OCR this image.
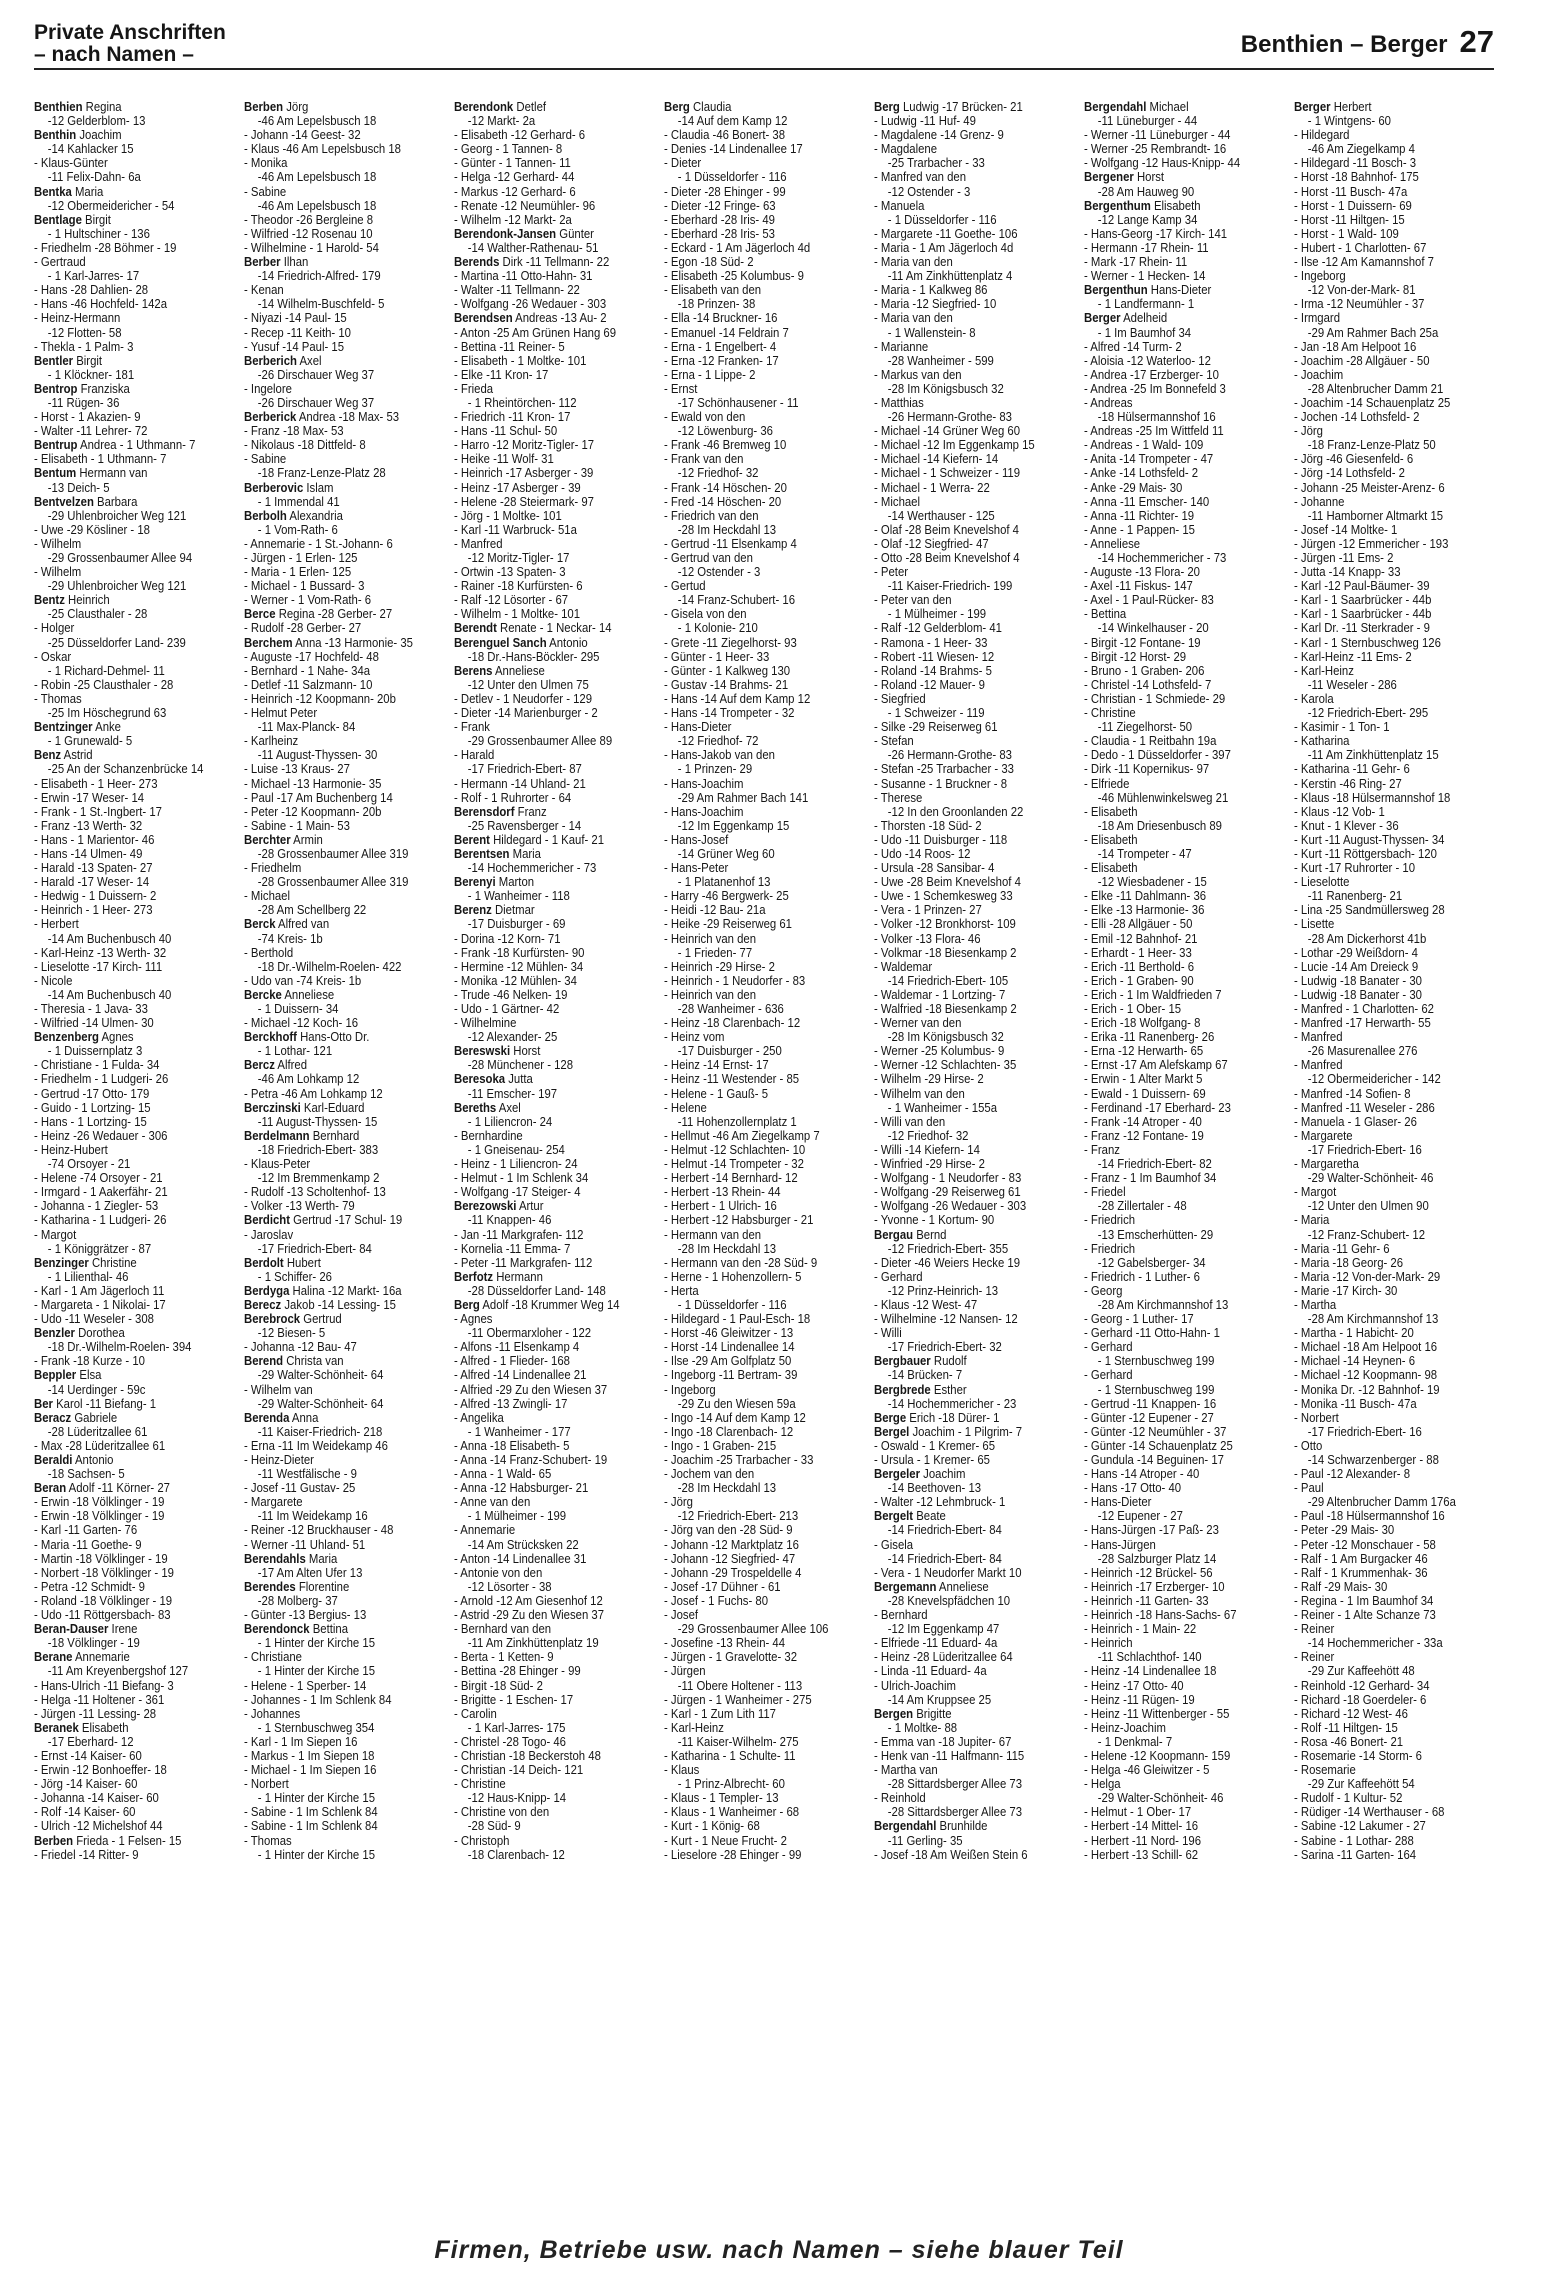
Private Anschriften
– nach Namen –	Benthien – Berger 27
Benthien Regina
-12 Gelderblom- 13
Benthin Joachim
-14 Kahlacker 15
- Klaus-Günter
-11 Felix-Dahn- 6a
Bentka Maria
-12 Obermeidericher - 54
Bentlage Birgit
- 1 Hultschiner - 136
- Friedhelm -28 Böhmer - 19
- Gertraud
- 1 Karl-Jarres- 17
- Hans -28 Dahlien- 28
- Hans -46 Hochfeld- 142a
- Heinz-Hermann
-12 Flotten- 58
- Thekla - 1 Palm- 3
Bentler Birgit
- 1 Klöckner- 181
Bentrop Franziska
-11 Rügen- 36
- Horst - 1 Akazien- 9
- Walter -11 Lehrer- 72
Bentrup Andrea - 1 Uthmann- 7
- Elisabeth - 1 Uthmann- 7
Bentum Hermann van
-13 Deich- 5
Bentvelzen Barbara
-29 Uhlenbroicher Weg 121
- Uwe -29 Kösliner - 18
- Wilhelm
-29 Grossenbaumer Allee 94
- Wilhelm
-29 Uhlenbroicher Weg 121
Bentz Heinrich
-25 Clausthaler - 28
- Holger
-25 Düsseldorfer Land- 239
- Oskar
- 1 Richard-Dehmel- 11
- Robin -25 Clausthaler - 28
- Thomas
-25 Im Höschegrund 63
Bentzinger Anke
- 1 Grunewald- 5
Benz Astrid
-25 An der Schanzenbrücke 14
- Elisabeth - 1 Heer- 273
- Erwin -17 Weser- 14
- Frank - 1 St.-Ingbert- 17
- Franz -13 Werth- 32
- Hans - 1 Marientor- 46
- Hans -14 Ulmen- 49
- Harald -13 Spaten- 27
- Harald -17 Weser- 14
- Hedwig - 1 Duissern- 2
- Heinrich - 1 Heer- 273
- Herbert
-14 Am Buchenbusch 40
- Karl-Heinz -13 Werth- 32
- Lieselotte -17 Kirch- 111
- Nicole
-14 Am Buchenbusch 40
- Theresia - 1 Java- 33
- Wilfried -14 Ulmen- 30
Benzenberg Agnes
- 1 Duissernplatz 3
- Christiane - 1 Fulda- 34
- Friedhelm - 1 Ludgeri- 26
- Gertrud -17 Otto- 179
- Guido - 1 Lortzing- 15
- Hans - 1 Lortzing- 15
- Heinz -26 Wedauer - 306
- Heinz-Hubert
-74 Orsoyer - 21
- Helene -74 Orsoyer - 21
- Irmgard - 1 Aakerfähr- 21
- Johanna - 1 Ziegler- 53
- Katharina - 1 Ludgeri- 26
- Margot
- 1 Königgrätzer - 87
Benzinger Christine
- 1 Lilienthal- 46
- Karl - 1 Am Jägerloch 11
- Margareta - 1 Nikolai- 17
- Udo -11 Weseler - 308
Benzler Dorothea
-18 Dr.-Wilhelm-Roelen- 394
- Frank -18 Kurze - 10
Beppler Elsa
-14 Uerdinger - 59c
Ber Karol -11 Biefang- 1
Beracz Gabriele
-28 Lüderitzallee 61
- Max -28 Lüderitzallee 61
Beraldi Antonio
-18 Sachsen- 5
Beran Adolf -11 Körner- 27
- Erwin -18 Völklinger - 19
- Erwin -18 Völklinger - 19
- Karl -11 Garten- 76
- Maria -11 Goethe- 9
- Martin -18 Völklinger - 19
- Norbert -18 Völklinger - 19
- Petra -12 Schmidt- 9
- Roland -18 Völklinger - 19
- Udo -11 Röttgersbach- 83
Beran-Dauser Irene
-18 Völklinger - 19
Berane Annemarie
-11 Am Kreyenbergshof 127
- Hans-Ulrich -11 Biefang- 3
- Helga -11 Holtener - 361
- Jürgen -11 Lessing- 28
Beranek Elisabeth
-17 Eberhard- 12
- Ernst -14 Kaiser- 60
- Erwin -12 Bonhoeffer- 18
- Jörg -14 Kaiser- 60
- Johanna -14 Kaiser- 60
- Rolf -14 Kaiser- 60
- Ulrich -12 Michelshof 44
Berben Frieda - 1 Felsen- 15
- Friedel -14 Ritter- 9
Berben Jörg
-46 Am Lepelsbusch 18
- Johann -14 Geest- 32
- Klaus -46 Am Lepelsbusch 18
- Monika
-46 Am Lepelsbusch 18
- Sabine
-46 Am Lepelsbusch 18
- Theodor -26 Bergleine 8
- Wilfried -12 Rosenau 10
- Wilhelmine - 1 Harold- 54
Berber Ilhan
-14 Friedrich-Alfred- 179
- Kenan
-14 Wilhelm-Buschfeld- 5
- Niyazi -14 Paul- 15
- Recep -11 Keith- 10
- Yusuf -14 Paul- 15
Berberich Axel
-26 Dirschauer Weg 37
- Ingelore
-26 Dirschauer Weg 37
Berberick Andrea -18 Max- 53
- Franz -18 Max- 53
- Nikolaus -18 Dittfeld- 8
- Sabine
-18 Franz-Lenze-Platz 28
Berberovic Islam
- 1 Immendal 41
Berbolh Alexandria
- 1 Vom-Rath- 6
- Annemarie - 1 St.-Johann- 6
- Jürgen - 1 Erlen- 125
- Maria - 1 Erlen- 125
- Michael - 1 Bussard- 3
- Werner - 1 Vom-Rath- 6
Berce Regina -28 Gerber- 27
- Rudolf -28 Gerber- 27
Berchem Anna -13 Harmonie- 35
- Auguste -17 Hochfeld- 48
- Bernhard - 1 Nahe- 34a
- Detlef -11 Salzmann- 10
- Heinrich -12 Koopmann- 20b
- Helmut Peter
-11 Max-Planck- 84
- Karlheinz
-11 August-Thyssen- 30
- Luise -13 Kraus- 27
- Michael -13 Harmonie- 35
- Paul -17 Am Buchenberg 14
- Peter -12 Koopmann- 20b
- Sabine - 1 Main- 53
Berchter Armin
-28 Grossenbaumer Allee 319
- Friedhelm
-28 Grossenbaumer Allee 319
- Michael
-28 Am Schellberg 22
Berck Alfred van
-74 Kreis- 1b
- Berthold
-18 Dr.-Wilhelm-Roelen- 422
- Udo van -74 Kreis- 1b
Bercke Anneliese
- 1 Duissern- 34
- Michael -12 Koch- 16
Berckhoff Hans-Otto Dr.
- 1 Lothar- 121
Bercz Alfred
-46 Am Lohkamp 12
- Petra -46 Am Lohkamp 12
Berczinski Karl-Eduard
-11 August-Thyssen- 15
Berdelmann Bernhard
-18 Friedrich-Ebert- 383
- Klaus-Peter
-12 Im Bremmenkamp 2
- Rudolf -13 Scholtenhof- 13
- Volker -13 Werth- 79
Berdicht Gertrud -17 Schul- 19
- Jaroslav
-17 Friedrich-Ebert- 84
Berdolt Hubert
- 1 Schiffer- 26
Berdyga Halina -12 Markt- 16a
Berecz Jakob -14 Lessing- 15
Berebrock Gertrud
-12 Biesen- 5
- Johanna -12 Bau- 47
Berend Christa van
-29 Walter-Schönheit- 64
- Wilhelm van
-29 Walter-Schönheit- 64
Berenda Anna
-11 Kaiser-Friedrich- 218
- Erna -11 Im Weidekamp 46
- Heinz-Dieter
-11 Westfälische - 9
- Josef -11 Gustav- 25
- Margarete
-11 Im Weidekamp 16
- Reiner -12 Bruckhauser - 48
- Werner -11 Uhland- 51
Berendahls Maria
-17 Am Alten Ufer 13
Berendes Florentine
-28 Molberg- 37
- Günter -13 Bergius- 13
Berendonck Bettina
- 1 Hinter der Kirche 15
- Christiane
- 1 Hinter der Kirche 15
- Helene - 1 Sperber- 14
- Johannes - 1 Im Schlenk 84
- Johannes
- 1 Sternbuschweg 354
- Karl - 1 Im Siepen 16
- Markus - 1 Im Siepen 18
- Michael - 1 Im Siepen 16
- Norbert
- 1 Hinter der Kirche 15
- Sabine - 1 Im Schlenk 84
- Sabine - 1 Im Schlenk 84
- Thomas
- 1 Hinter der Kirche 15
Berendonk Detlef
-12 Markt- 2a
- Elisabeth -12 Gerhard- 6
- Georg - 1 Tannen- 8
- Günter - 1 Tannen- 11
- Helga -12 Gerhard- 44
- Markus -12 Gerhard- 6
- Renate -12 Neumühler- 96
- Wilhelm -12 Markt- 2a
Berendonk-Jansen Günter
-14 Walther-Rathenau- 51
Berends Dirk -11 Tellmann- 22
- Martina -11 Otto-Hahn- 31
- Walter -11 Tellmann- 22
- Wolfgang -26 Wedauer - 303
Berendsen Andreas -13 Au- 2
- Anton -25 Am Grünen Hang 69
- Bettina -11 Reiner- 5
- Elisabeth - 1 Moltke- 101
- Elke -11 Kron- 17
- Frieda
- 1 Rheintörchen- 112
- Friedrich -11 Kron- 17
- Hans -11 Schul- 50
- Harro -12 Moritz-Tigler- 17
- Heike -11 Wolf- 31
- Heinrich -17 Asberger - 39
- Heinz -17 Asberger - 39
- Helene -28 Steiermark- 97
- Jörg - 1 Moltke- 101
- Karl -11 Warbruck- 51a
- Manfred
-12 Moritz-Tigler- 17
- Ortwin -13 Spaten- 3
- Rainer -18 Kurfürsten- 6
- Ralf -12 Lösorter - 67
- Wilhelm - 1 Moltke- 101
Berendt Renate - 1 Neckar- 14
Berenguel Sanch Antonio
-18 Dr.-Hans-Böckler- 295
Berens Anneliese
-12 Unter den Ulmen 75
- Detlev - 1 Neudorfer - 129
- Dieter -14 Marienburger - 2
- Frank
-29 Grossenbaumer Allee 89
- Harald
-17 Friedrich-Ebert- 87
- Hermann -14 Uhland- 21
- Rolf - 1 Ruhrorter - 64
Berensdorf Franz
-25 Ravensberger - 14
Berent Hildegard - 1 Kauf- 21
Berentsen Maria
-14 Hochemmericher - 73
Berenyi Marton
- 1 Wanheimer - 118
Berenz Dietmar
-17 Duisburger - 69
- Dorina -12 Korn- 71
- Frank -18 Kurfürsten- 90
- Hermine -12 Mühlen- 34
- Monika -12 Mühlen- 34
- Trude -46 Nelken- 19
- Udo - 1 Gärtner- 42
- Wilhelmine
-12 Alexander- 25
Bereswski Horst
-28 Münchener - 128
Beresoka Jutta
-11 Emscher- 197
Bereths Axel
- 1 Liliencron- 24
- Bernhardine
- 1 Gneisenau- 254
- Heinz - 1 Liliencron- 24
- Helmut - 1 Im Schlenk 34
- Wolfgang -17 Steiger- 4
Berezowski Artur
-11 Knappen- 46
- Jan -11 Markgrafen- 112
- Kornelia -11 Emma- 7
- Peter -11 Markgrafen- 112
Berfotz Hermann
-28 Düsseldorfer Land- 148
Berg Adolf -18 Krummer Weg 14
- Agnes
-11 Obermarxloher - 122
- Alfons -11 Elsenkamp 4
- Alfred - 1 Flieder- 168
- Alfred -14 Lindenallee 21
- Alfried -29 Zu den Wiesen 37
- Alfred -13 Zwingli- 17
- Angelika
- 1 Wanheimer - 177
- Anna -18 Elisabeth- 5
- Anna -14 Franz-Schubert- 19
- Anna - 1 Wald- 65
- Anna -12 Habsburger- 21
- Anne van den
- 1 Mülheimer - 199
- Annemarie
-14 Am Strücksken 22
- Anton -14 Lindenallee 31
- Antonie von den
-12 Lösorter - 38
- Arnold -12 Am Giesenhof 12
- Astrid -29 Zu den Wiesen 37
- Bernhard van den
-11 Am Zinkhüttenplatz 19
- Berta - 1 Ketten- 9
- Bettina -28 Ehinger - 99
- Birgit -18 Süd- 2
- Brigitte - 1 Eschen- 17
- Carolin
- 1 Karl-Jarres- 175
- Christel -28 Togo- 46
- Christian -18 Beckerstoh 48
- Christian -14 Deich- 121
- Christine
-12 Haus-Knipp- 14
- Christine von den
-28 Süd- 9
- Christoph
-18 Clarenbach- 12
Berg Claudia
-14 Auf dem Kamp 12
- Claudia -46 Bonert- 38
- Denies -14 Lindenallee 17
- Dieter
- 1 Düsseldorfer - 116
- Dieter -28 Ehinger - 99
- Dieter -12 Fringe- 63
- Eberhard -28 Iris- 49
- Eberhard -28 Iris- 53
- Eckard - 1 Am Jägerloch 4d
- Egon -18 Süd- 2
- Elisabeth -25 Kolumbus- 9
- Elisabeth van den
-18 Prinzen- 38
- Ella -14 Bruckner- 16
- Emanuel -14 Feldrain 7
- Erna - 1 Engelbert- 4
- Erna -12 Franken- 17
- Erna - 1 Lippe- 2
- Ernst
-17 Schönhausener - 11
- Ewald von den
-12 Löwenburg- 36
- Frank -46 Bremweg 10
- Frank van den
-12 Friedhof- 32
- Frank -14 Höschen- 20
- Fred -14 Höschen- 20
- Friedrich van den
-28 Im Heckdahl 13
- Gertrud -11 Elsenkamp 4
- Gertrud van den
-12 Ostender - 3
- Gertud
-14 Franz-Schubert- 16
- Gisela von den
- 1 Kolonie- 210
- Grete -11 Ziegelhorst- 93
- Günter - 1 Heer- 33
- Günter - 1 Kalkweg 130
- Gustav -14 Brahms- 21
- Hans -14 Auf dem Kamp 12
- Hans -14 Trompeter - 32
- Hans-Dieter
-12 Friedhof- 72
- Hans-Jakob van den
- 1 Prinzen- 29
- Hans-Joachim
-29 Am Rahmer Bach 141
- Hans-Joachim
-12 Im Eggenkamp 15
- Hans-Josef
-14 Grüner Weg 60
- Hans-Peter
- 1 Platanenhof 13
- Harry -46 Bergwerk- 25
- Heidi -12 Bau- 21a
- Heike -29 Reiserweg 61
- Heinrich van den
- 1 Frieden- 77
- Heinrich -29 Hirse- 2
- Heinrich - 1 Neudorfer - 83
- Heinrich van den
-28 Wanheimer - 636
- Heinz -18 Clarenbach- 12
- Heinz vom
-17 Duisburger - 250
- Heinz -14 Ernst- 17
- Heinz -11 Westender - 85
- Helene - 1 Gauß- 5
- Helene
-11 Hohenzollernplatz 1
- Hellmut -46 Am Ziegelkamp 7
- Helmut -12 Schlachten- 10
- Helmut -14 Trompeter - 32
- Herbert -14 Bernhard- 12
- Herbert -13 Rhein- 44
- Herbert - 1 Ulrich- 16
- Herbert -12 Habsburger - 21
- Hermann van den
-28 Im Heckdahl 13
- Hermann van den -28 Süd- 9
- Herne - 1 Hohenzollern- 5
- Herta
- 1 Düsseldorfer - 116
- Hildegard - 1 Paul-Esch- 18
- Horst -46 Gleiwitzer - 13
- Horst -14 Lindenallee 14
- Ilse -29 Am Golfplatz 50
- Ingeborg -11 Bertram- 39
- Ingeborg
-29 Zu den Wiesen 59a
- Ingo -14 Auf dem Kamp 12
- Ingo -18 Clarenbach- 12
- Ingo - 1 Graben- 215
- Joachim -25 Trarbacher - 33
- Jochem van den
-28 Im Heckdahl 13
- Jörg
-12 Friedrich-Ebert- 213
- Jörg van den -28 Süd- 9
- Johann -12 Marktplatz 16
- Johann -12 Siegfried- 47
- Johann -29 Trospeldelle 4
- Josef -17 Dühner - 61
- Josef - 1 Fuchs- 80
- Josef
-29 Grossenbaumer Allee 106
- Josefine -13 Rhein- 44
- Jürgen - 1 Gravelotte- 32
- Jürgen
-11 Obere Holtener - 113
- Jürgen - 1 Wanheimer - 275
- Karl - 1 Zum Lith 117
- Karl-Heinz
-11 Kaiser-Wilhelm- 275
- Katharina - 1 Schulte- 11
- Klaus
- 1 Prinz-Albrecht- 60
- Klaus - 1 Templer- 13
- Klaus - 1 Wanheimer - 68
- Kurt - 1 König- 68
- Kurt - 1 Neue Frucht- 2
- Lieselore -28 Ehinger - 99
Berg Ludwig -17 Brücken- 21
- Ludwig -11 Huf- 49
- Magdalene -14 Grenz- 9
- Magdalene
-25 Trarbacher - 33
- Manfred van den
-12 Ostender - 3
- Manuela
- 1 Düsseldorfer - 116
- Margarete -11 Goethe- 106
- Maria - 1 Am Jägerloch 4d
- Maria van den
-11 Am Zinkhüttenplatz 4
- Maria - 1 Kalkweg 86
- Maria -12 Siegfried- 10
- Maria van den
- 1 Wallenstein- 8
- Marianne
-28 Wanheimer - 599
- Markus van den
-28 Im Königsbusch 32
- Matthias
-26 Hermann-Grothe- 83
- Michael -14 Grüner Weg 60
- Michael -12 Im Eggenkamp 15
- Michael -14 Kiefern- 14
- Michael - 1 Schweizer - 119
- Michael - 1 Werra- 22
- Michael
-14 Werthauser - 125
- Olaf -28 Beim Knevelshof 4
- Olaf -12 Siegfried- 47
- Otto -28 Beim Knevelshof 4
- Peter
-11 Kaiser-Friedrich- 199
- Peter van den
- 1 Mülheimer - 199
- Ralf -12 Gelderblom- 41
- Ramona - 1 Heer- 33
- Robert -11 Wiesen- 12
- Roland -14 Brahms- 5
- Roland -12 Mauer- 9
- Siegfried
- 1 Schweizer - 119
- Silke -29 Reiserweg 61
- Stefan
-26 Hermann-Grothe- 83
- Stefan -25 Trarbacher - 33
- Susanne - 1 Bruckner - 8
- Therese
-12 In den Groonlanden 22
- Thorsten -18 Süd- 2
- Udo -11 Duisburger - 118
- Udo -14 Roos- 12
- Ursula -28 Sansibar- 4
- Uwe -28 Beim Knevelshof 4
- Uwe - 1 Schemkesweg 33
- Vera - 1 Prinzen- 27
- Volker -12 Bronkhorst- 109
- Volker -13 Flora- 46
- Volkmar -18 Biesenkamp 2
- Waldemar
-14 Friedrich-Ebert- 105
- Waldemar - 1 Lortzing- 7
- Walfried -18 Biesenkamp 2
- Werner van den
-28 Im Königsbusch 32
- Werner -25 Kolumbus- 9
- Werner -12 Schlachten- 35
- Wilhelm -29 Hirse- 2
- Wilhelm van den
- 1 Wanheimer - 155a
- Willi van den
-12 Friedhof- 32
- Willi -14 Kiefern- 14
- Winfried -29 Hirse- 2
- Wolfgang - 1 Neudorfer - 83
- Wolfgang -29 Reiserweg 61
- Wolfgang -26 Wedauer - 303
- Yvonne - 1 Kortum- 90
Bergau Bernd
-12 Friedrich-Ebert- 355
- Dieter -46 Weiers Hecke 19
- Gerhard
-12 Prinz-Heinrich- 13
- Klaus -12 West- 47
- Wilhelmine -12 Nansen- 12
- Willi
-17 Friedrich-Ebert- 32
Bergbauer Rudolf
-14 Brücken- 7
Bergbrede Esther
-14 Hochemmericher - 23
Berge Erich -18 Dürer- 1
Bergel Joachim - 1 Pilgrim- 7
- Oswald - 1 Kremer- 65
- Ursula - 1 Kremer- 65
Bergeler Joachim
-14 Beethoven- 13
- Walter -12 Lehmbruck- 1
Bergelt Beate
-14 Friedrich-Ebert- 84
- Gisela
-14 Friedrich-Ebert- 84
- Vera - 1 Neudorfer Markt 10
Bergemann Anneliese
-28 Knevelspfädchen 10
- Bernhard
-12 Im Eggenkamp 47
- Elfriede -11 Eduard- 4a
- Heinz -28 Lüderitzallee 64
- Linda -11 Eduard- 4a
- Ulrich-Joachim
-14 Am Kruppsee 25
Bergen Brigitte
- 1 Moltke- 88
- Emma van -18 Jupiter- 67
- Henk van -11 Halfmann- 115
- Martha van
-28 Sittardsberger Allee 73
- Reinhold
-28 Sittardsberger Allee 73
Bergendahl Brunhilde
-11 Gerling- 35
- Josef -18 Am Weißen Stein 6
Bergendahl Michael
-11 Lüneburger - 44
- Werner -11 Lüneburger - 44
- Werner -25 Rembrandt- 16
- Wolfgang -12 Haus-Knipp- 44
Bergener Horst
-28 Am Hauweg 90
Bergenthum Elisabeth
-12 Lange Kamp 34
- Hans-Georg -17 Kirch- 141
- Hermann -17 Rhein- 11
- Mark -17 Rhein- 11
- Werner - 1 Hecken- 14
Bergenthun Hans-Dieter
- 1 Landfermann- 1
Berger Adelheid
- 1 Im Baumhof 34
- Alfred -14 Turm- 2
- Aloisia -12 Waterloo- 12
- Andrea -17 Erzberger- 10
- Andrea -25 Im Bonnefeld 3
- Andreas
-18 Hülsermannshof 16
- Andreas -25 Im Wittfeld 11
- Andreas - 1 Wald- 109
- Anita -14 Trompeter - 47
- Anke -14 Lothsfeld- 2
- Anke -29 Mais- 30
- Anna -11 Emscher- 140
- Anna -11 Richter- 19
- Anne - 1 Pappen- 15
- Anneliese
-14 Hochemmericher - 73
- Auguste -13 Flora- 20
- Axel -11 Fiskus- 147
- Axel - 1 Paul-Rücker- 83
- Bettina
-14 Winkelhauser - 20
- Birgit -12 Fontane- 19
- Birgit -12 Horst- 29
- Bruno - 1 Graben- 206
- Christel -14 Lothsfeld- 7
- Christian - 1 Schmiede- 29
- Christine
-11 Ziegelhorst- 50
- Claudia - 1 Reitbahn 19a
- Dedo - 1 Düsseldorfer - 397
- Dirk -11 Kopernikus- 97
- Elfriede
-46 Mühlenwinkelsweg 21
- Elisabeth
-18 Am Driesenbusch 89
- Elisabeth
-14 Trompeter - 47
- Elisabeth
-12 Wiesbadener - 15
- Elke -11 Dahlmann- 36
- Elke -13 Harmonie- 36
- Elli -28 Allgäuer - 50
- Emil -12 Bahnhof- 21
- Erhardt - 1 Heer- 33
- Erich -11 Berthold- 6
- Erich - 1 Graben- 90
- Erich - 1 Im Waldfrieden 7
- Erich - 1 Ober- 15
- Erich -18 Wolfgang- 8
- Erika -11 Ranenberg- 26
- Erna -12 Herwarth- 65
- Ernst -17 Am Alefskamp 67
- Erwin - 1 Alter Markt 5
- Ewald - 1 Duissern- 69
- Ferdinand -17 Eberhard- 23
- Frank -14 Atroper - 40
- Franz -12 Fontane- 19
- Franz
-14 Friedrich-Ebert- 82
- Franz - 1 Im Baumhof 34
- Friedel
-28 Zillertaler - 48
- Friedrich
-13 Emscherhütten- 29
- Friedrich
-12 Gabelsberger- 34
- Friedrich - 1 Luther- 6
- Georg
-28 Am Kirchmannshof 13
- Georg - 1 Luther- 17
- Gerhard -11 Otto-Hahn- 1
- Gerhard
- 1 Sternbuschweg 199
- Gerhard
- 1 Sternbuschweg 199
- Gertrud -11 Knappen- 16
- Günter -12 Eupener - 27
- Günter -12 Neumühler - 37
- Günter -14 Schauenplatz 25
- Gundula -14 Beguinen- 17
- Hans -14 Atroper - 40
- Hans -17 Otto- 40
- Hans-Dieter
-12 Eupener - 27
- Hans-Jürgen -17 Paß- 23
- Hans-Jürgen
-28 Salzburger Platz 14
- Heinrich -12 Brückel- 56
- Heinrich -17 Erzberger- 10
- Heinrich -11 Garten- 33
- Heinrich -18 Hans-Sachs- 67
- Heinrich - 1 Main- 22
- Heinrich
-11 Schlachthof- 140
- Heinz -14 Lindenallee 18
- Heinz -17 Otto- 40
- Heinz -11 Rügen- 19
- Heinz -11 Wittenberger - 55
- Heinz-Joachim
- 1 Denkmal- 7
- Helene -12 Koopmann- 159
- Helga -46 Gleiwitzer - 5
- Helga
-29 Walter-Schönheit- 46
- Helmut - 1 Ober- 17
- Herbert -14 Mittel- 16
- Herbert -11 Nord- 196
- Herbert -13 Schill- 62
Berger Herbert
- 1 Wintgens- 60
- Hildegard
-46 Am Ziegelkamp 4
- Hildegard -11 Bosch- 3
- Horst -18 Bahnhof- 175
- Horst -11 Busch- 47a
- Horst - 1 Duissern- 69
- Horst -11 Hiltgen- 15
- Horst - 1 Wald- 109
- Hubert - 1 Charlotten- 67
- Ilse -12 Am Kamannshof 7
- Ingeborg
-12 Von-der-Mark- 81
- Irma -12 Neumühler - 37
- Irmgard
-29 Am Rahmer Bach 25a
- Jan -18 Am Helpoot 16
- Joachim -28 Allgäuer - 50
- Joachim
-28 Altenbrucher Damm 21
- Joachim -14 Schauenplatz 25
- Jochen -14 Lothsfeld- 2
- Jörg
-18 Franz-Lenze-Platz 50
- Jörg -46 Giesenfeld- 6
- Jörg -14 Lothsfeld- 2
- Johann -25 Meister-Arenz- 6
- Johanne
-11 Hamborner Altmarkt 15
- Josef -14 Moltke- 1
- Jürgen -12 Emmericher - 193
- Jürgen -11 Ems- 2
- Jutta -14 Knapp- 33
- Karl -12 Paul-Bäumer- 39
- Karl - 1 Saarbrücker - 44b
- Karl - 1 Saarbrücker - 44b
- Karl Dr. -11 Sterkrader - 9
- Karl - 1 Sternbuschweg 126
- Karl-Heinz -11 Ems- 2
- Karl-Heinz
-11 Weseler - 286
- Karola
-12 Friedrich-Ebert- 295
- Kasimir - 1 Ton- 1
- Katharina
-11 Am Zinkhüttenplatz 15
- Katharina -11 Gehr- 6
- Kerstin -46 Ring- 27
- Klaus -18 Hülsermannshof 18
- Klaus -12 Vob- 1
- Knut - 1 Klever - 36
- Kurt -11 August-Thyssen- 34
- Kurt -11 Röttgersbach- 120
- Kurt -17 Ruhrorter - 10
- Lieselotte
-11 Ranenberg- 21
- Lina -25 Sandmüllersweg 28
- Lisette
-28 Am Dickerhorst 41b
- Lothar -29 Weißdorn- 4
- Lucie -14 Am Dreieck 9
- Ludwig -18 Banater - 30
- Ludwig -18 Banater - 30
- Manfred - 1 Charlotten- 62
- Manfred -17 Herwarth- 55
- Manfred
-26 Masurenallee 276
- Manfred
-12 Obermeidericher - 142
- Manfred -14 Sofien- 8
- Manfred -11 Weseler - 286
- Manuela - 1 Glaser- 26
- Margarete
-17 Friedrich-Ebert- 16
- Margaretha
-29 Walter-Schönheit- 46
- Margot
-12 Unter den Ulmen 90
- Maria
-12 Franz-Schubert- 12
- Maria -11 Gehr- 6
- Maria -18 Georg- 26
- Maria -12 Von-der-Mark- 29
- Marie -17 Kirch- 30
- Martha
-28 Am Kirchmannshof 13
- Martha - 1 Habicht- 20
- Michael -18 Am Helpoot 16
- Michael -14 Heynen- 6
- Michael -12 Koopmann- 98
- Monika Dr. -12 Bahnhof- 19
- Monika -11 Busch- 47a
- Norbert
-17 Friedrich-Ebert- 16
- Otto
-14 Schwarzenberger - 88
- Paul -12 Alexander- 8
- Paul
-29 Altenbrucher Damm 176a
- Paul -18 Hülsermannshof 16
- Peter -29 Mais- 30
- Peter -12 Monschauer - 58
- Ralf - 1 Am Burgacker 46
- Ralf - 1 Krummenhak- 36
- Ralf -29 Mais- 30
- Regina - 1 Im Baumhof 34
- Reiner - 1 Alte Schanze 73
- Reiner
-14 Hochemmericher - 33a
- Reiner
-29 Zur Kaffeehött 48
- Reinhold -12 Gerhard- 34
- Richard -18 Goerdeler- 6
- Richard -12 West- 46
- Rolf -11 Hiltgen- 15
- Rosa -46 Bonert- 21
- Rosemarie -14 Storm- 6
- Rosemarie
-29 Zur Kaffeehött 54
- Rudolf - 1 Kultur- 52
- Rüdiger -14 Werthauser - 68
- Sabine -12 Lakumer - 27
- Sabine - 1 Lothar- 288
- Sarina -11 Garten- 164
Firmen, Betriebe usw. nach Namen – siehe blauer Teil
